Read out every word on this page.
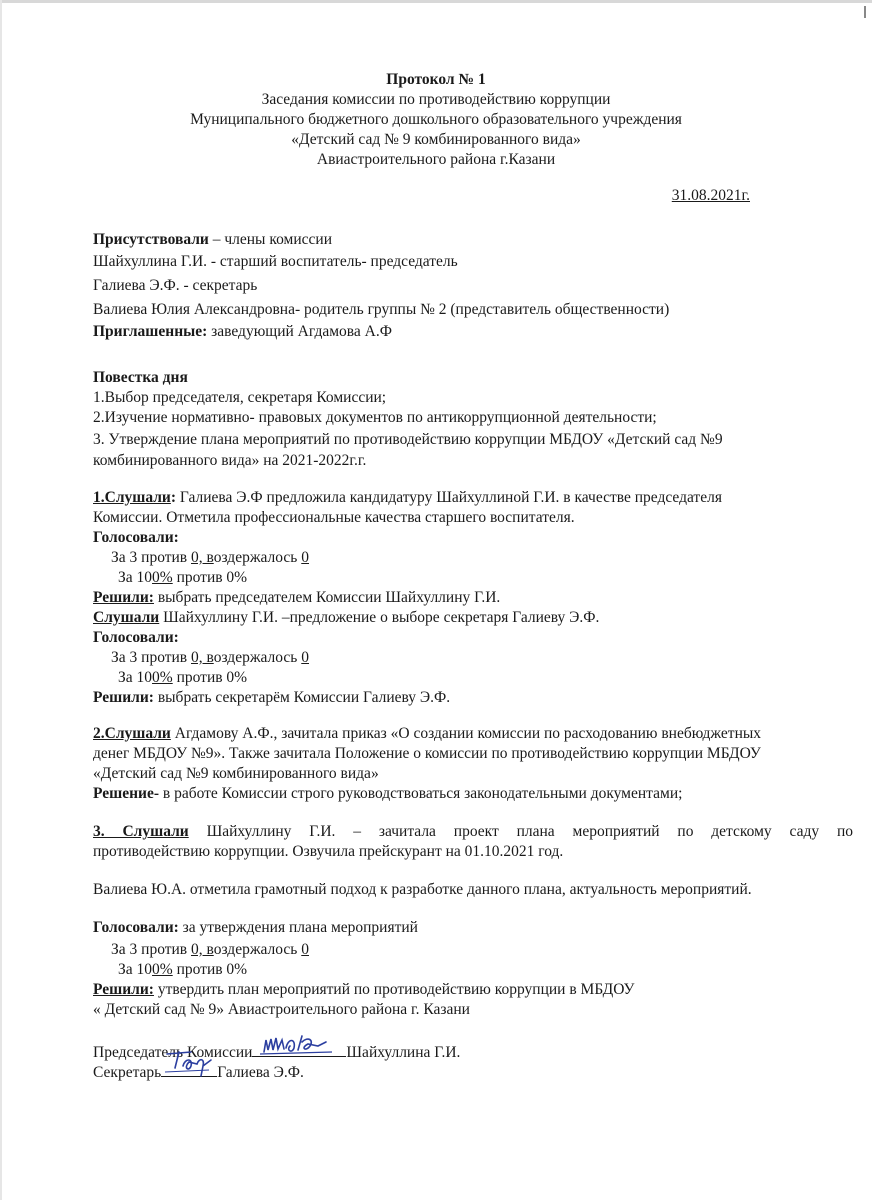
Протокол № 1
Заседания комиссии по противодействию коррупции
Муниципального бюджетного дошкольного образовательного учреждения
«Детский сад № 9 комбинированного вида»
Авиастроительного района г.Казани
31.08.2021г.
Присутствовали – члены комиссии
Шайхуллина Г.И. - старший воспитатель- председатель
Галиева Э.Ф. - секретарь
Валиева Юлия Александровна- родитель группы № 2 (представитель общественности)
Приглашенные: заведующий Агдамова А.Ф
Повестка дня
1.Выбор председателя, секретаря Комиссии;
2.Изучение нормативно- правовых документов по антикоррупционной деятельности;
3. Утверждение плана мероприятий по противодействию коррупции МБДОУ «Детский сад №9
комбинированного вида» на 2021-2022г.г.
1.Слушали: Галиева Э.Ф предложила кандидатуру Шайхуллиной Г.И. в качестве председателя
Комиссии. Отметила профессиональные качества старшего воспитателя.
Голосовали:
За 3 против 0, воздержалось 0
За 100% против 0%
Решили: выбрать председателем Комиссии Шайхуллину Г.И.
Слушали Шайхуллину Г.И. –предложение о выборе секретаря Галиеву Э.Ф.
Голосовали:
За 3 против 0, воздержалось 0
За 100% против 0%
Решили: выбрать секретарём Комиссии Галиеву Э.Ф.
2.Слушали Агдамову А.Ф., зачитала приказ «О создании комиссии по расходованию внебюджетных
денег МБДОУ №9». Также зачитала Положение о комиссии по противодействию коррупции МБДОУ
«Детский сад №9 комбинированного вида»
Решение- в работе Комиссии строго руководствоваться законодательными документами;
3. Слушали Шайхуллину Г.И. – зачитала проект плана мероприятий по детскому саду по
противодействию коррупции. Озвучила прейскурант на 01.10.2021 год.
Валиева Ю.А. отметила грамотный подход к разработке данного плана, актуальность мероприятий.
Голосовали: за утверждения плана мероприятий
За 3 против 0, воздержалось 0
За 100% против 0%
Решили: утвердить план мероприятий по противодействию коррупции в МБДОУ
« Детский сад № 9» Авиастроительного района г. Казани
Председатель Комиссии	Шайхуллина Г.И.
Секретарь	Галиева Э.Ф.
